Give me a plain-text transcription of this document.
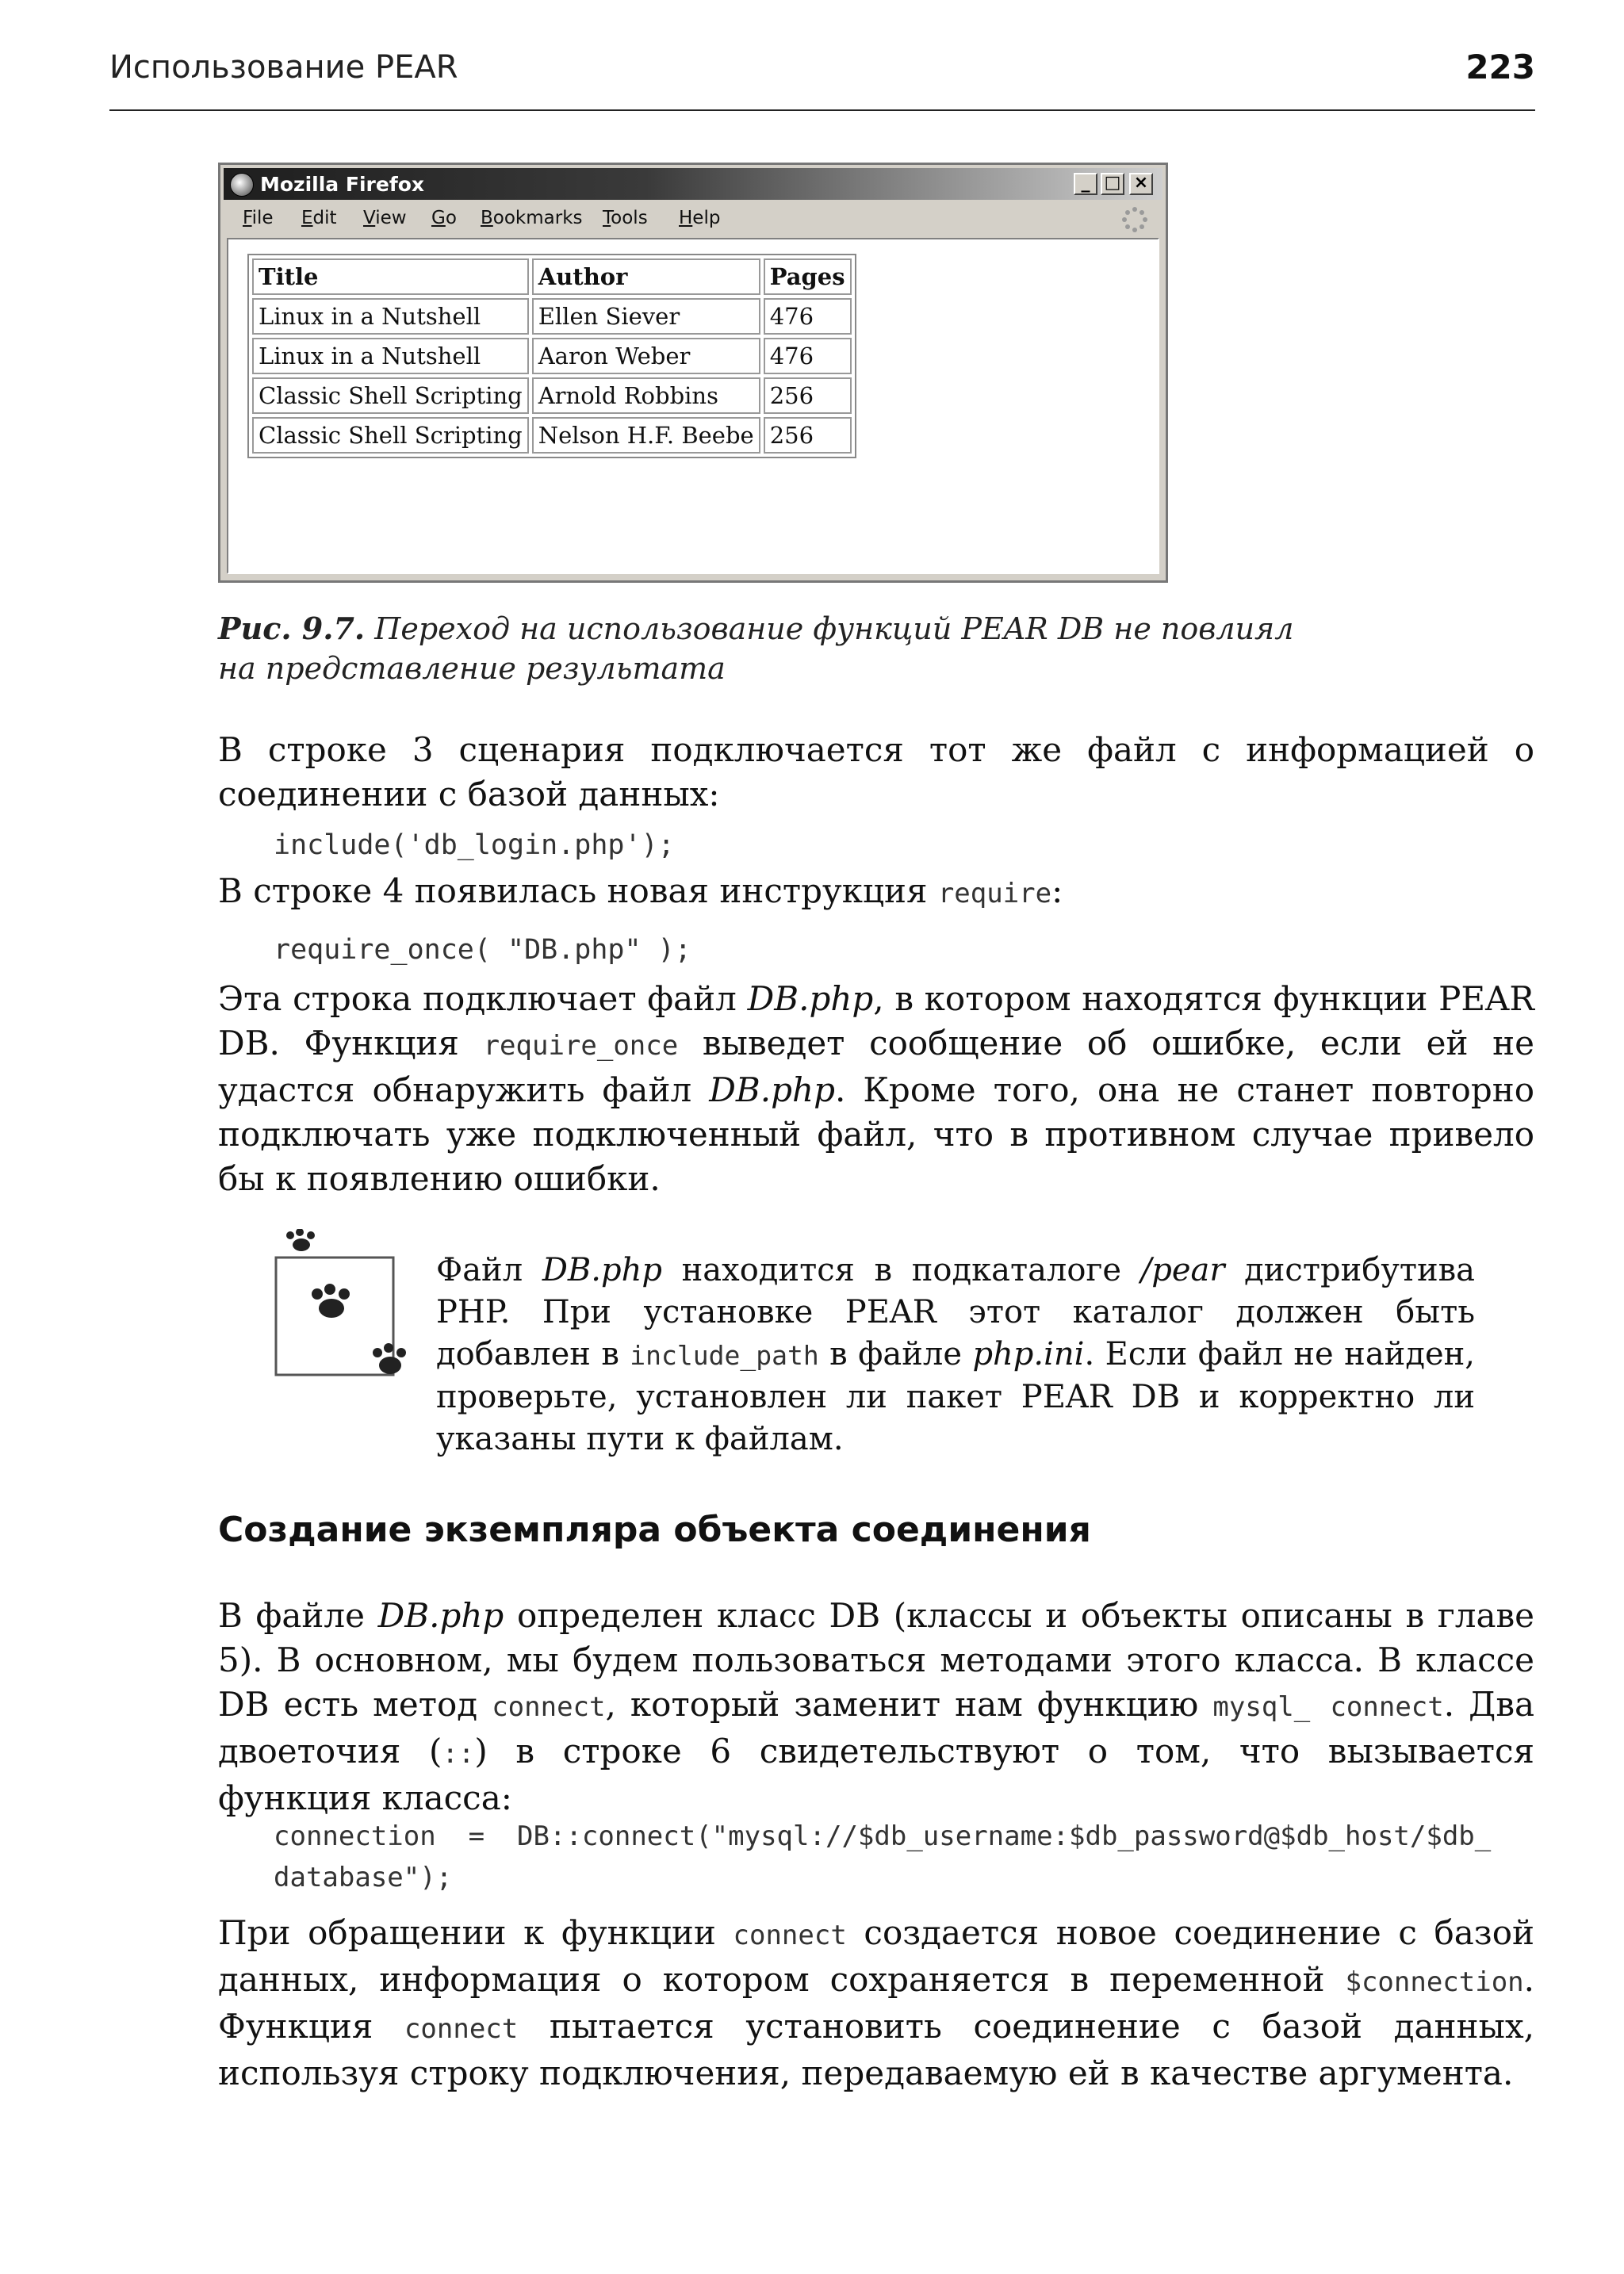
Использование PEAR	223
Mozilla Firefox	_ □ ×
File Edit View Go Bookmarks Tools Help
Title	Author	Pages
Linux in a Nutshell	Ellen Siever	476
Linux in a Nutshell	Aaron Weber	476
Classic Shell Scripting	Arnold Robbins	256
Classic Shell Scripting	Nelson H.F. Beebe	256
Рис. 9.7. Переход на использование функций PEAR DB не повлиял
на представление результата
В строке 3 сценария подключается тот же файл с информацией о соединении с базой данных:
include('db_login.php');
В строке 4 появилась новая инструкция require:
require_once( "DB.php" );
Эта строка подключает файл DB.php, в котором находятся функции PEAR DB. Функция require_once выведет сообщение об ошибке, если ей не удастся обнаружить файл DB.php. Кроме того, она не станет повторно подключать уже подключенный файл, что в противном случае привело бы к появлению ошибки.
Файл DB.php находится в подкаталоге /pear дистрибутива PHP. При установке PEAR этот каталог должен быть добавлен в include_path в файле php.ini. Если файл не найден, проверьте, установлен ли пакет PEAR DB и корректно ли указаны пути к файлам.
Создание экземпляра объекта соединения
В файле DB.php определен класс DB (классы и объекты описаны в главе 5). В основном, мы будем пользоваться методами этого класса. В классе DB есть метод connect, который заменит нам функцию mysql_ connect. Два двоеточия (::) в строке 6 свидетельствуют о том, что вызывается функция класса:
connection  =  DB::connect("mysql://$db_username:$db_password@$db_host/$db_
database");
При обращении к функции connect создается новое соединение с базой данных, информация о котором сохраняется в переменной $connection. Функция connect пытается установить соединение с базой данных, используя строку подключения, передаваемую ей в качестве аргумента.
